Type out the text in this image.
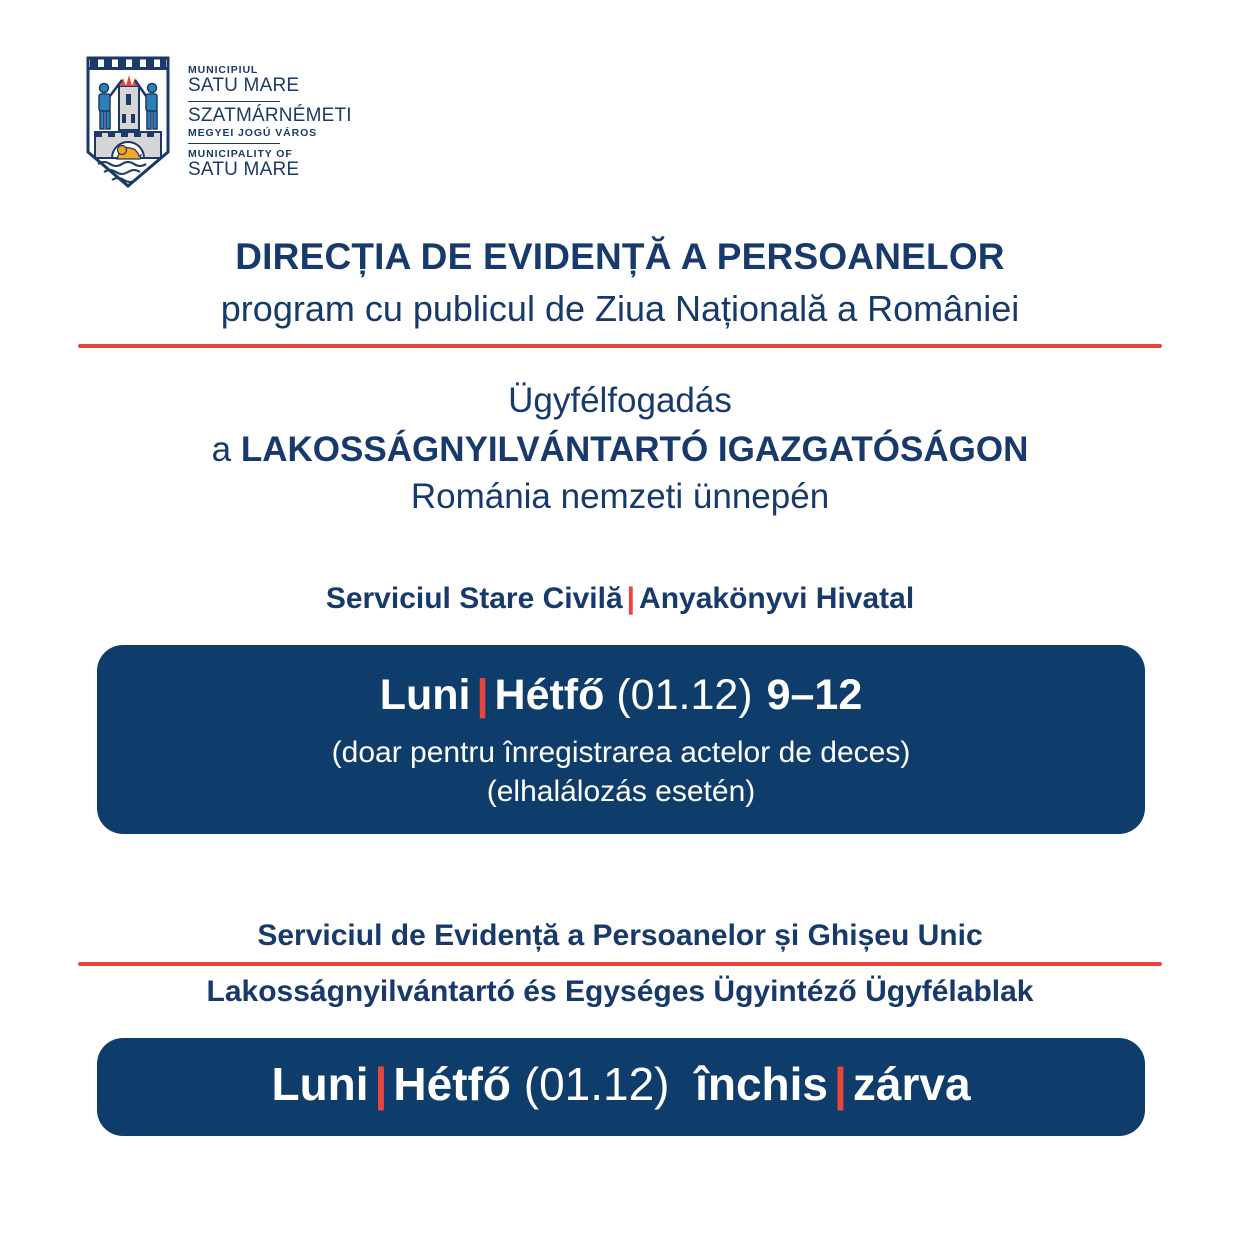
MUNICIPIUL
SATU MARE
SZATMÁRNÉMETI
MEGYEI JOGÚ VÁROS
MUNICIPALITY OF
SATU MARE
DIRECȚIA DE EVIDENȚĂ A PERSOANELOR
program cu publicul de Ziua Națională a României
Ügyfélfogadás
a LAKOSSÁGNYILVÁNTARTÓ IGAZGATÓSÁGON
Románia nemzeti ünnepén
Serviciul Stare Civilă | Anyakönyvi Hivatal
Luni | Hétfő (01.12) 9–12
(doar pentru înregistrarea actelor de deces)
(elhalálozás esetén)
Serviciul de Evidență a Persoanelor și Ghișeu Unic
Lakosságnyilvántartó és Egységes Ügyintéző Ügyfélablak
Luni | Hétfő (01.12) închis | zárva
